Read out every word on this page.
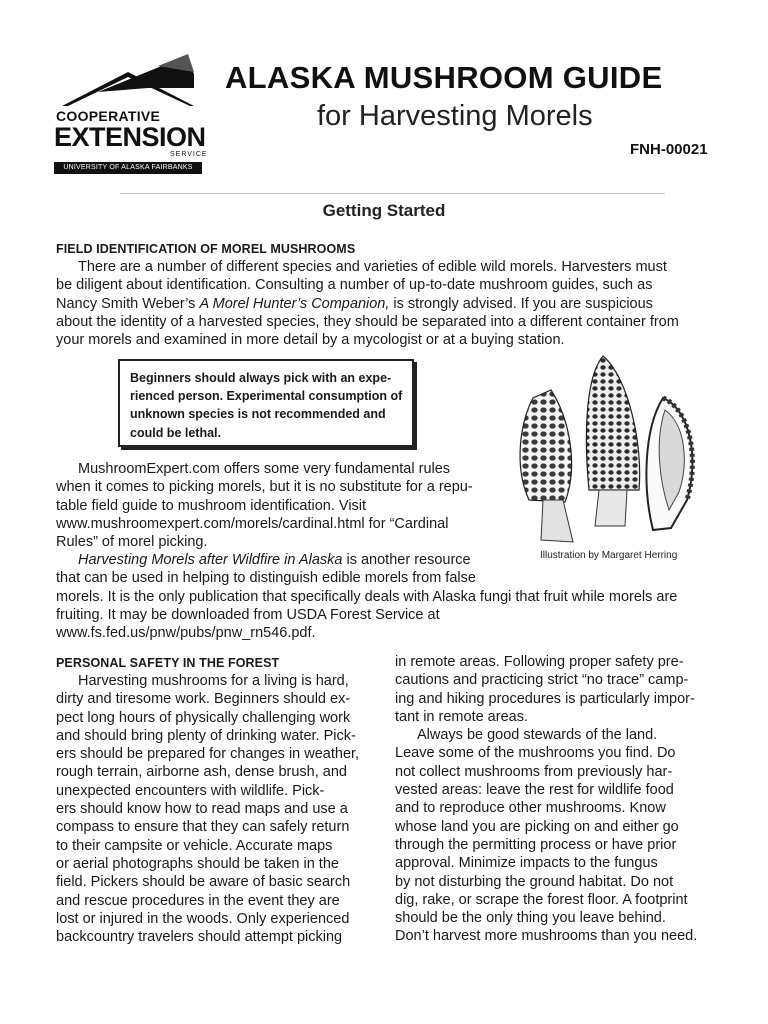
COOPERATIVE
EXTENSION
SERVICE
UNIVERSITY OF ALASKA FAIRBANKS
ALASKA MUSHROOM GUIDE
for Harvesting Morels
FNH-00021
Getting Started
FIELD IDENTIFICATION OF MOREL MUSHROOMS
There are a number of different species and varieties of edible wild morels. Harvesters must
be diligent about identification. Consulting a number of up-to-date mushroom guides, such as
Nancy Smith Weber’s A Morel Hunter’s Companion, is strongly advised. If you are suspicious
about the identity of a harvested species, they should be separated into a different container from
your morels and examined in more detail by a mycologist or at a buying station.
Beginners should always pick with an expe-
rienced person. Experimental consumption of
unknown species is not recommended and
could be lethal.
Illustration by Margaret Herring
MushroomExpert.com offers some very fundamental rules
when it comes to picking morels, but it is no substitute for a repu-
table field guide to mushroom identification. Visit
www.mushroomexpert.com/morels/cardinal.html for “Cardinal
Rules” of morel picking.
Harvesting Morels after Wildfire in Alaska is another resource
that can be used in helping to distinguish edible morels from false
morels. It is the only publication that specifically deals with Alaska fungi that fruit while morels are
fruiting. It may be downloaded from USDA Forest Service at
www.fs.fed.us/pnw/pubs/pnw_rn546.pdf.
PERSONAL SAFETY IN THE FOREST
Harvesting mushrooms for a living is hard,
dirty and tiresome work. Beginners should ex-
pect long hours of physically challenging work
and should bring plenty of drinking water. Pick-
ers should be prepared for changes in weather,
rough terrain, airborne ash, dense brush, and
unexpected encounters with wildlife. Pick-
ers should know how to read maps and use a
compass to ensure that they can safely return
to their campsite or vehicle. Accurate maps
or aerial photographs should be taken in the
field. Pickers should be aware of basic search
and rescue procedures in the event they are
lost or injured in the woods. Only experienced
backcountry travelers should attempt picking
in remote areas. Following proper safety pre-
cautions and practicing strict “no trace” camp-
ing and hiking procedures is particularly impor-
tant in remote areas.
Always be good stewards of the land.
Leave some of the mushrooms you find. Do
not collect mushrooms from previously har-
vested areas: leave the rest for wildlife food
and to reproduce other mushrooms. Know
whose land you are picking on and either go
through the permitting process or have prior
approval. Minimize impacts to the fungus
by not disturbing the ground habitat. Do not
dig, rake, or scrape the forest floor. A footprint
should be the only thing you leave behind.
Don’t harvest more mushrooms than you need.
